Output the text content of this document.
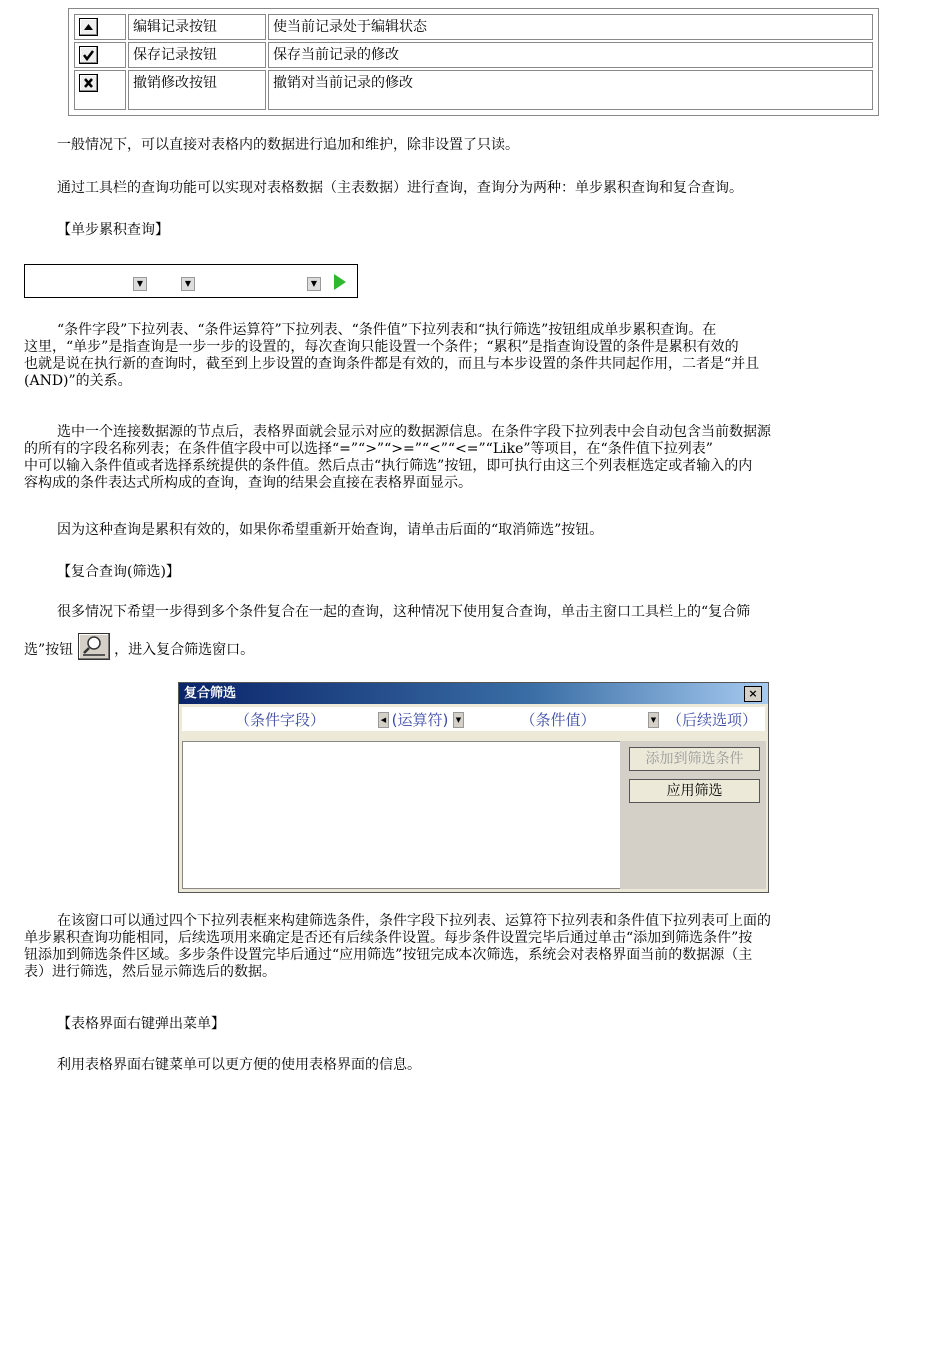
	编辑记录按钮	使当前记录处于编辑状态

	保存记录按钮	保存当前记录的修改

	撤销修改按钮	撤销对当前记录的修改
一般情况下，可以直接对表格内的数据进行追加和维护，除非设置了只读。
通过工具栏的查询功能可以实现对表格数据（主表数据）进行查询，查询分为两种：单步累积查询和复合查询。
【单步累积查询】
▼	▼	▼
“条件字段”下拉列表、“条件运算符”下拉列表、“条件值”下拉列表和“执行筛选”按钮组成单步累积查询。在
这里，“单步”是指查询是一步一步的设置的，每次查询只能设置一个条件；“累积”是指查询设置的条件是累积有效的
也就是说在执行新的查询时，截至到上步设置的查询条件都是有效的，而且与本步设置的条件共同起作用，二者是“并且
(AND)”的关系。
选中一个连接数据源的节点后，表格界面就会显示对应的数据源信息。在条件字段下拉列表中会自动包含当前数据源
的所有的字段名称列表；在条件值字段中可以选择“=”“>”“>=”“<”“<=”“Like”等项目，在“条件值下拉列表”
中可以输入条件值或者选择系统提供的条件值。然后点击“执行筛选”按钮，即可执行由这三个列表框选定或者输入的内
容构成的条件表达式所构成的查询，查询的结果会直接在表格界面显示。
因为这种查询是累积有效的，如果你希望重新开始查询，请单击后面的“取消筛选”按钮。
【复合查询(筛选)】
很多情况下希望一步得到多个条件复合在一起的查询，这种情况下使用复合查询，单击主窗口工具栏上的“复合筛
选”按钮	，进入复合筛选窗口。
复合筛选	×
（条件字段）	◀ (运算符)	▼	（条件值）	▼ （后续选项）
添加到筛选条件
应用筛选
在该窗口可以通过四个下拉列表框来构建筛选条件，条件字段下拉列表、运算符下拉列表和条件值下拉列表可上面的
单步累积查询功能相同，后续选项用来确定是否还有后续条件设置。每步条件设置完毕后通过单击“添加到筛选条件”按
钮添加到筛选条件区域。多步条件设置完毕后通过“应用筛选”按钮完成本次筛选，系统会对表格界面当前的数据源（主
表）进行筛选，然后显示筛选后的数据。
【表格界面右键弹出菜单】
利用表格界面右键菜单可以更方便的使用表格界面的信息。
